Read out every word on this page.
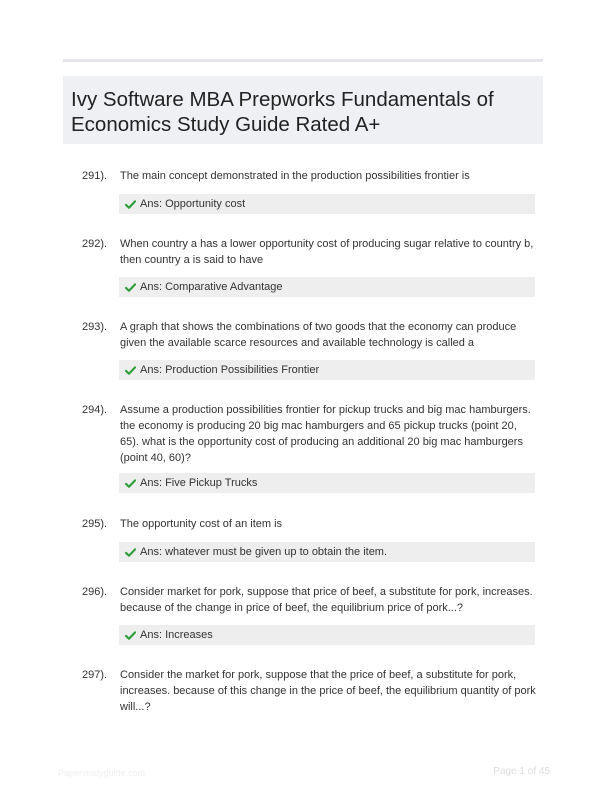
Ivy Software MBA Prepworks Fundamentals of Economics Study Guide Rated A+
291). The main concept demonstrated in the production possibilities frontier is
Ans: Opportunity cost
292). When country a has a lower opportunity cost of producing sugar relative to country b, then country a is said to have
Ans: Comparative Advantage
293). A graph that shows the combinations of two goods that the economy can produce given the available scarce resources and available technology is called a
Ans: Production Possibilities Frontier
294). Assume a production possibilities frontier for pickup trucks and big mac hamburgers. the economy is producing 20 big mac hamburgers and 65 pickup trucks (point 20, 65). what is the opportunity cost of producing an additional 20 big mac hamburgers (point 40, 60)?
Ans: Five Pickup Trucks
295). The opportunity cost of an item is
Ans: whatever must be given up to obtain the item.
296). Consider market for pork, suppose that price of beef, a substitute for pork, increases. because of the change in price of beef, the equilibrium price of pork...?
Ans: Increases
297). Consider the market for pork, suppose that the price of beef, a substitute for pork, increases. because of this change in the price of beef, the equilibrium quantity of pork will...?
Paperstudyguide.com	Page 1 of 45
